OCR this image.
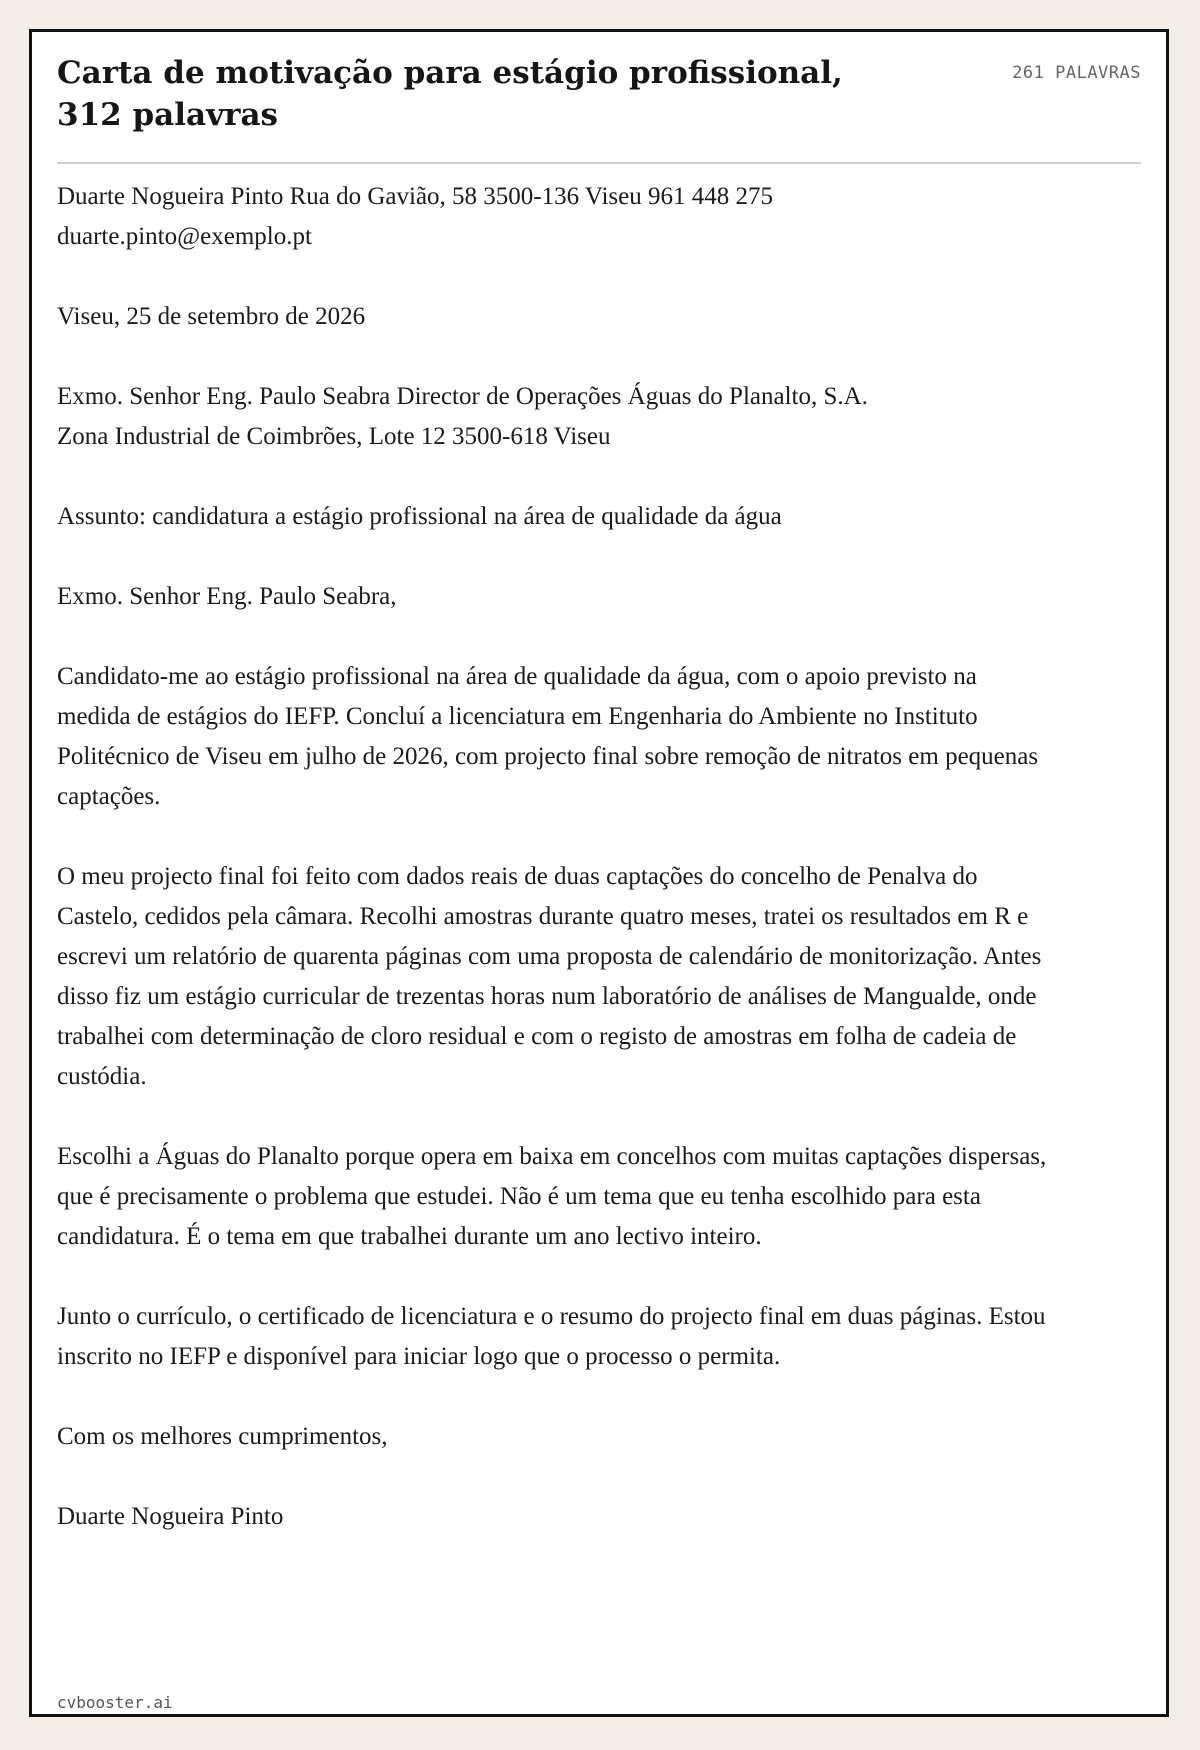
Carta de motivação para estágio profissional,
312 palavras
261 PALAVRAS

Duarte Nogueira Pinto Rua do Gavião, 58 3500-136 Viseu 961 448 275
duarte.pinto@exemplo.pt

Viseu, 25 de setembro de 2026

Exmo. Senhor Eng. Paulo Seabra Director de Operações Águas do Planalto, S.A.
Zona Industrial de Coimbrões, Lote 12 3500-618 Viseu

Assunto: candidatura a estágio profissional na área de qualidade da água

Exmo. Senhor Eng. Paulo Seabra,

Candidato-me ao estágio profissional na área de qualidade da água, com o apoio previsto na medida de estágios do IEFP. Concluí a licenciatura em Engenharia do Ambiente no Instituto Politécnico de Viseu em julho de 2026, com projecto final sobre remoção de nitratos em pequenas captações.

O meu projecto final foi feito com dados reais de duas captações do concelho de Penalva do Castelo, cedidos pela câmara. Recolhi amostras durante quatro meses, tratei os resultados em R e escrevi um relatório de quarenta páginas com uma proposta de calendário de monitorização. Antes disso fiz um estágio curricular de trezentas horas num laboratório de análises de Mangualde, onde trabalhei com determinação de cloro residual e com o registo de amostras em folha de cadeia de custódia.

Escolhi a Águas do Planalto porque opera em baixa em concelhos com muitas captações dispersas, que é precisamente o problema que estudei. Não é um tema que eu tenha escolhido para esta candidatura. É o tema em que trabalhei durante um ano lectivo inteiro.

Junto o currículo, o certificado de licenciatura e o resumo do projecto final em duas páginas. Estou inscrito no IEFP e disponível para iniciar logo que o processo o permita.

Com os melhores cumprimentos,

Duarte Nogueira Pinto

cvbooster.ai
